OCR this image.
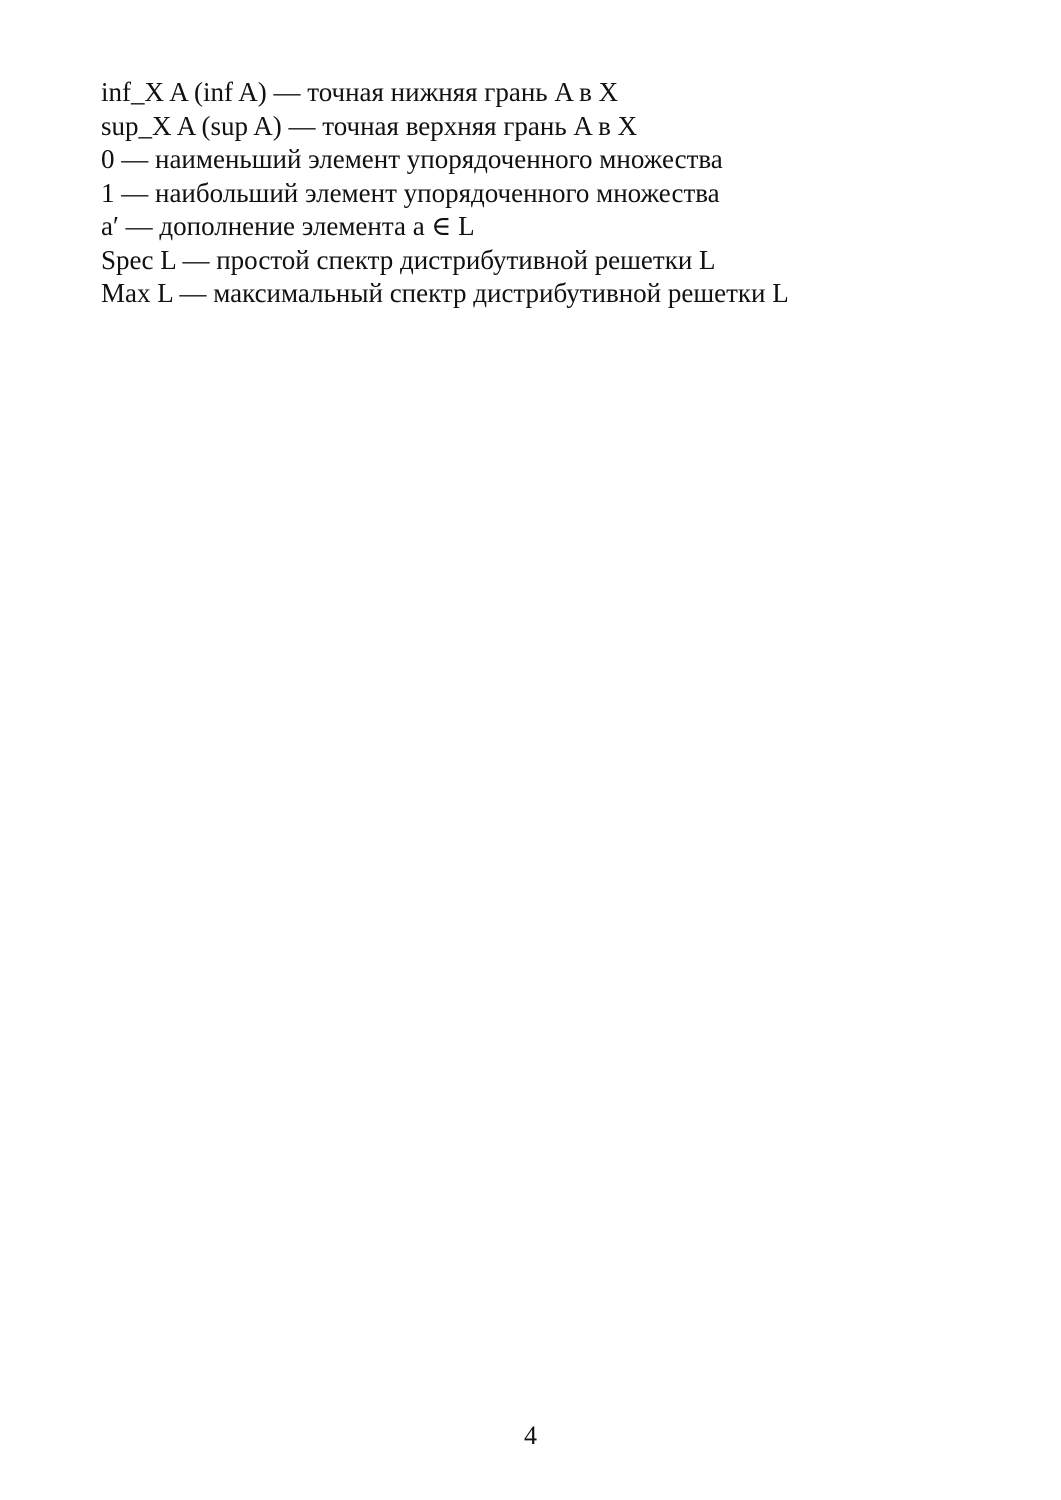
inf_X A (inf A) — точная нижняя грань A в X
sup_X A (sup A) — точная верхняя грань A в X
0 — наименьший элемент упорядоченного множества
1 — наибольший элемент упорядоченного множества
a′ — дополнение элемента a ∈ L
Spec L — простой спектр дистрибутивной решетки L
Max L — максимальный спектр дистрибутивной решетки L
4
